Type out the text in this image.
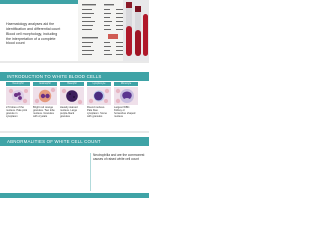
Haematology analyses aid the identification and differential count
Blood cell morphology, including the interpretation of a complete blood count
INTRODUCTION TO WHITE BLOOD CELLS
Neutrophil
2-5 lobes of the nucleus. Pale pink granule in cytoplasm
Eosinophil
Bright red orange granules. Two lobe nucleus. Granules with crystals
Basophil
Heavily stained nucleus. Large purple-black granules
Lymphocyte
Round nucleus. Pale blue cytoplasm. Some with granules
Monocyte
Largest WBC. Kidney or horseshoe shaped nucleus
ABNORMALITIES OF WHITE CELL COUNT
Neutrophilia and are the commonest causes of raised white cell count
